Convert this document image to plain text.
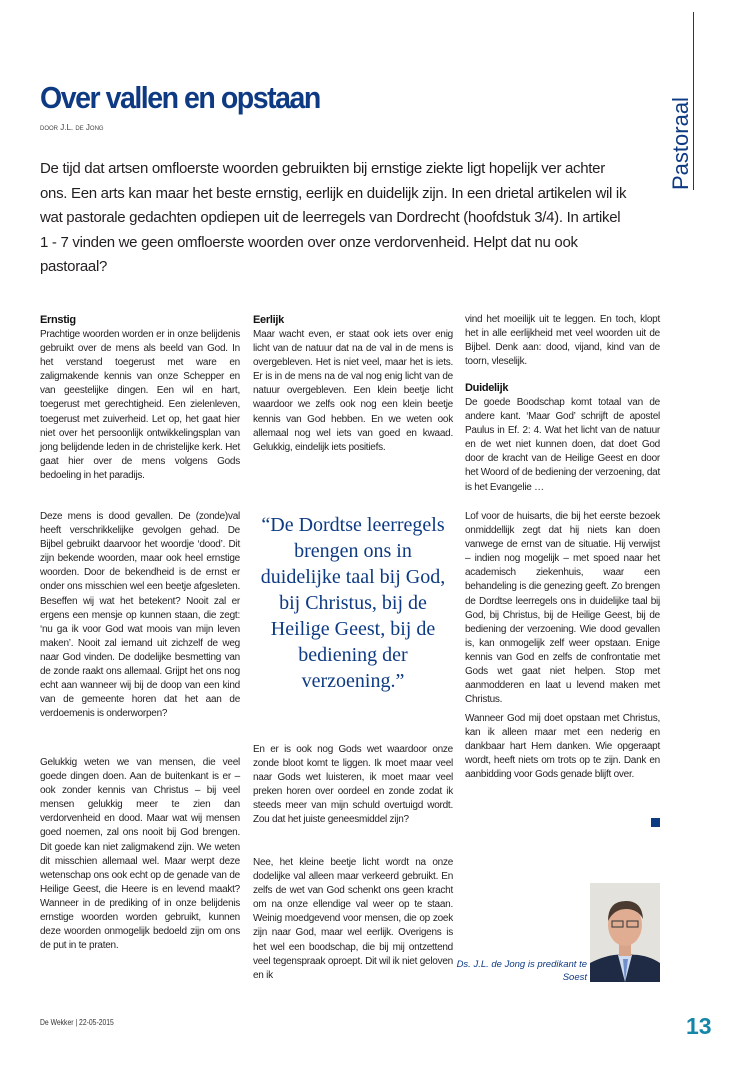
Pastoraal
Over vallen en opstaan
door J.L. de Jong

De tijd dat artsen omfloerste woorden gebruikten bij ernstige ziekte ligt hopelijk ver achter ons. Een arts kan maar het beste ernstig, eerlijk en duidelijk zijn. In een drietal artikelen wil ik wat pastorale gedachten opdiepen uit de leerregels van Dordrecht (hoofdstuk 3/4). In artikel 1 - 7 vinden we geen omfloerste woorden over onze verdorvenheid. Helpt dat nu ook pastoraal?

Ernstig

Prachtige woorden worden er in onze belijdenis gebruikt over de mens als beeld van God. In het verstand toegerust met ware en zaligmakende kennis van onze Schepper en van geestelijke dingen. Een wil en hart, toegerust met gerechtigheid. Een zielenleven, toegerust met zuiverheid. Let op, het gaat hier niet over het persoonlijk ontwikkelingsplan van jong belijdende leden in de christelijke kerk. Het gaat hier over de mens volgens Gods bedoeling in het paradijs.

Deze mens is dood gevallen. De (zonde)val heeft verschrikkelijke gevolgen gehad. De Bijbel gebruikt daarvoor het woordje ‘dood’. Dit zijn bekende woorden, maar ook heel ernstige woorden. Door de bekendheid is de ernst er onder ons misschien wel een beetje afgesleten. Beseffen wij wat het betekent? Nooit zal er ergens een mensje op kunnen staan, die zegt: ‘nu ga ik voor God wat moois van mijn leven maken’. Nooit zal iemand uit zichzelf de weg naar God vinden. De dodelijke besmetting van de zonde raakt ons allemaal. Grijpt het ons nog echt aan wanneer wij bij de doop van een kind van de gemeente horen dat het aan de verdoemenis is onderworpen?

Gelukkig weten we van mensen, die veel goede dingen doen. Aan de buitenkant is er – ook zonder kennis van Christus – bij veel mensen gelukkig meer te zien dan verdorvenheid en dood. Maar wat wij mensen goed noemen, zal ons nooit bij God brengen. Dit goede kan niet zaligmakend zijn. We weten dit misschien allemaal wel. Maar werpt deze wetenschap ons ook echt op de genade van de Heilige Geest, die Heere is en levend maakt? Wanneer in de prediking of in onze belijdenis ernstige woorden worden gebruikt, kunnen deze woorden onmogelijk bedoeld zijn om ons de put in te praten.

Eerlijk

Maar wacht even, er staat ook iets over enig licht van de natuur dat na de val in de mens is overgebleven. Het is niet veel, maar het is iets. Er is in de mens na de val nog enig licht van de natuur overgebleven. Een klein beetje licht waardoor we zelfs ook nog een klein beetje kennis van God hebben. En we weten ook allemaal nog wel iets van goed en kwaad. Gelukkig, eindelijk iets positiefs.

“De Dordtse leerregels brengen ons in duidelijke taal bij God, bij Christus, bij de Heilige Geest, bij de bediening der verzoening.”

En er is ook nog Gods wet waardoor onze zonde bloot komt te liggen. Ik moet maar veel naar Gods wet luisteren, ik moet maar veel preken horen over oordeel en zonde zodat ik steeds meer van mijn schuld overtuigd wordt. Zou dat het juiste geneesmiddel zijn?

Nee, het kleine beetje licht wordt na onze dodelijke val alleen maar verkeerd gebruikt. En zelfs de wet van God schenkt ons geen kracht om na onze ellendige val weer op te staan. Weinig moedgevend voor mensen, die op zoek zijn naar God, maar wel eerlijk. Overigens is het wel een boodschap, die bij mij ontzettend veel tegenspraak oproept. Dit wil ik niet geloven en ik

vind het moeilijk uit te leggen. En toch, klopt het in alle eerlijkheid met veel woorden uit de Bijbel. Denk aan: dood, vijand, kind van de toorn, vleselijk.

Duidelijk

De goede Boodschap komt totaal van de andere kant. ‘Maar God’ schrijft de apostel Paulus in Ef. 2: 4. Wat het licht van de natuur en de wet niet kunnen doen, dat doet God door de kracht van de Heilige Geest en door het Woord of de bediening der verzoening, dat is het Evangelie …

Lof voor de huisarts, die bij het eerste bezoek onmiddellijk zegt dat hij niets kan doen vanwege de ernst van de situatie. Hij verwijst – indien nog mogelijk – met spoed naar het academisch ziekenhuis, waar een behandeling is die genezing geeft. Zo brengen de Dordtse leerregels ons in duidelijke taal bij God, bij Christus, bij de Heilige Geest, bij de bediening der verzoening. Wie dood gevallen is, kan onmogelijk zelf weer opstaan. Enige kennis van God en zelfs de confrontatie met Gods wet gaat niet helpen. Stop met aanmodderen en laat u levend maken met Christus.

Wanneer God mij doet opstaan met Christus, kan ik alleen maar met een nederig en dankbaar hart Hem danken. Wie opgeraapt wordt, heeft niets om trots op te zijn. Dank en aanbidding voor Gods genade blijft over.

Ds. J.L. de Jong is predikant te Soest
De Wekker | 22-05-2015	13
